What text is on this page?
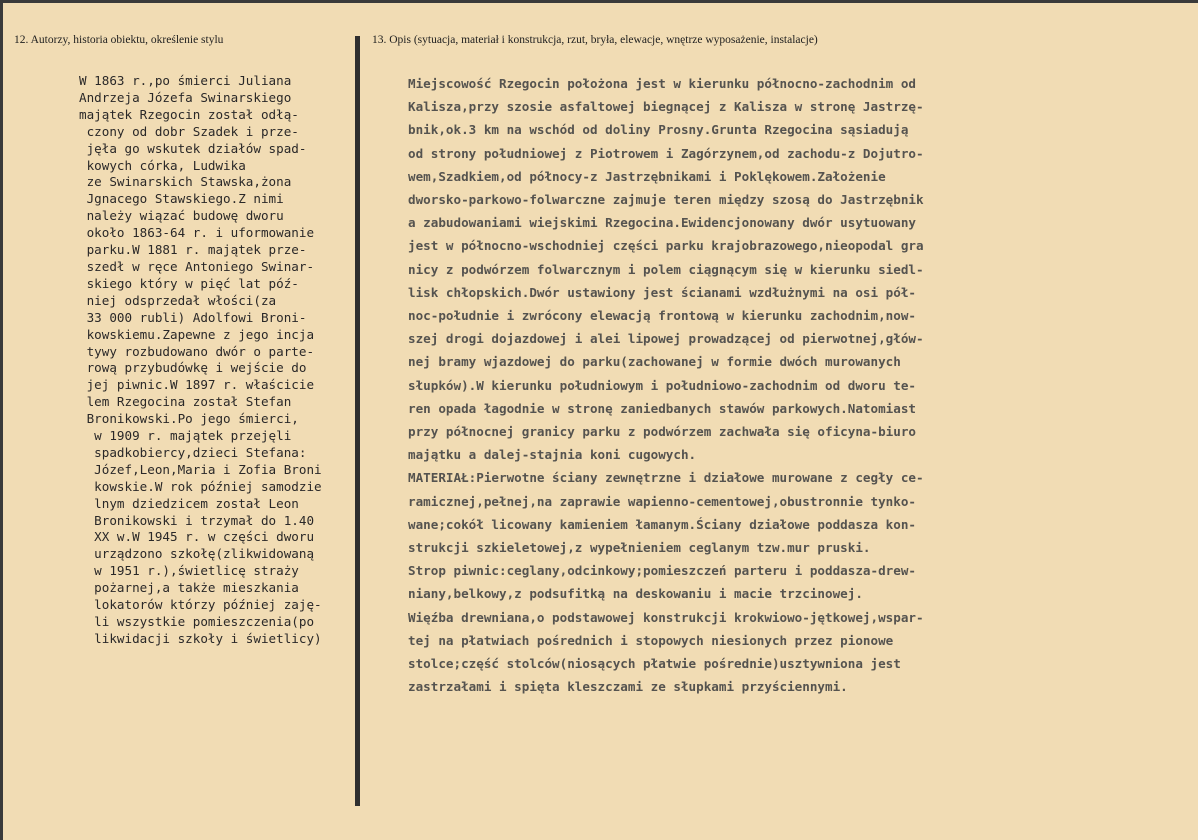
12. Autorzy, historia obiektu, określenie stylu	13. Opis (sytuacja, materiał i konstrukcja, rzut, bryła, elewacje, wnętrze wyposażenie, instalacje)
W 1863 r.,po śmierci Juliana
Andrzeja Józefa Swinarskiego
majątek Rzegocin został odłą-
czony od dobr Szadek i prze-
jęła go wskutek działów spad-
kowych córka, Ludwika
ze Swinarskich Stawska,żona
Jgnacego Stawskiego.Z nimi
należy wiązać budowę dworu
około 1863-64 r. i uformowanie
parku.W 1881 r. majątek prze-
szedł w ręce Antoniego Swinar-
skiego który w pięć lat póź-
niej odsprzedał włości(za
33 000 rubli) Adolfowi Broni-
kowskiemu.Zapewne z jego incja
tywy rozbudowano dwór o parte-
rową przybudówkę i wejście do
jej piwnic.W 1897 r. właścicie
lem Rzegocina został Stefan
Bronikowski.Po jego śmierci,
w 1909 r. majątek przejęli
spadkobiercy,dzieci Stefana:
Józef,Leon,Maria i Zofia Broni
kowskie.W rok później samodzie
lnym dziedzicem został Leon
Bronikowski i trzymał do 1.40
XX w.W 1945 r. w części dworu
urządzono szkołę(zlikwidowaną
w 1951 r.),świetlicę straży
pożarnej,a także mieszkania
lokatorów którzy później zaję-
li wszystkie pomieszczenia(po
likwidacji szkoły i świetlicy)
Miejscowość Rzegocin położona jest w kierunku północno-zachodnim od
Kalisza,przy szosie asfaltowej biegnącej z Kalisza w stronę Jastrzę-
bnik,ok.3 km na wschód od doliny Prosny.Grunta Rzegocina sąsiadują
od strony południowej z Piotrowem i Zagórzynem,od zachodu-z Dojutro-
wem,Szadkiem,od północy-z Jastrzębnikami i Poklękowem.Założenie
dworsko-parkowo-folwarczne zajmuje teren między szosą do Jastrzębnik
a zabudowaniami wiejskimi Rzegocina.Ewidencjonowany dwór usytuowany
jest w północno-wschodniej części parku krajobrazowego,nieopodal gra
nicy z podwórzem folwarcznym i polem ciągnącym się w kierunku siedl-
lisk chłopskich.Dwór ustawiony jest ścianami wzdłużnymi na osi pół-
noc-południe i zwrócony elewacją frontową w kierunku zachodnim,now-
szej drogi dojazdowej i alei lipowej prowadzącej od pierwotnej,głów-
nej bramy wjazdowej do parku(zachowanej w formie dwóch murowanych
słupków).W kierunku południowym i południowo-zachodnim od dworu te-
ren opada łagodnie w stronę zaniedbanych stawów parkowych.Natomiast
przy północnej granicy parku z podwórzem zachwała się oficyna-biuro
majątku a dalej-stajnia koni cugowych.
MATERIAŁ:Pierwotne ściany zewnętrzne i działowe murowane z cegły ce-
ramicznej,pełnej,na zaprawie wapienno-cementowej,obustronnie tynko-
wane;cokół licowany kamieniem łamanym.Ściany działowe poddasza kon-
strukcji szkieletowej,z wypełnieniem ceglanym tzw.mur pruski.
Strop piwnic:ceglany,odcinkowy;pomieszczeń parteru i poddasza-drew-
niany,belkowy,z podsufitką na deskowaniu i macie trzcinowej.
Więźba drewniana,o podstawowej konstrukcji krokwiowo-jętkowej,wspar-
tej na płatwiach pośrednich i stopowych niesionych przez pionowe
stolce;część stolców(niosących płatwie pośrednie)usztywniona jest
zastrzałami i spięta kleszczami ze słupkami przyściennymi.
